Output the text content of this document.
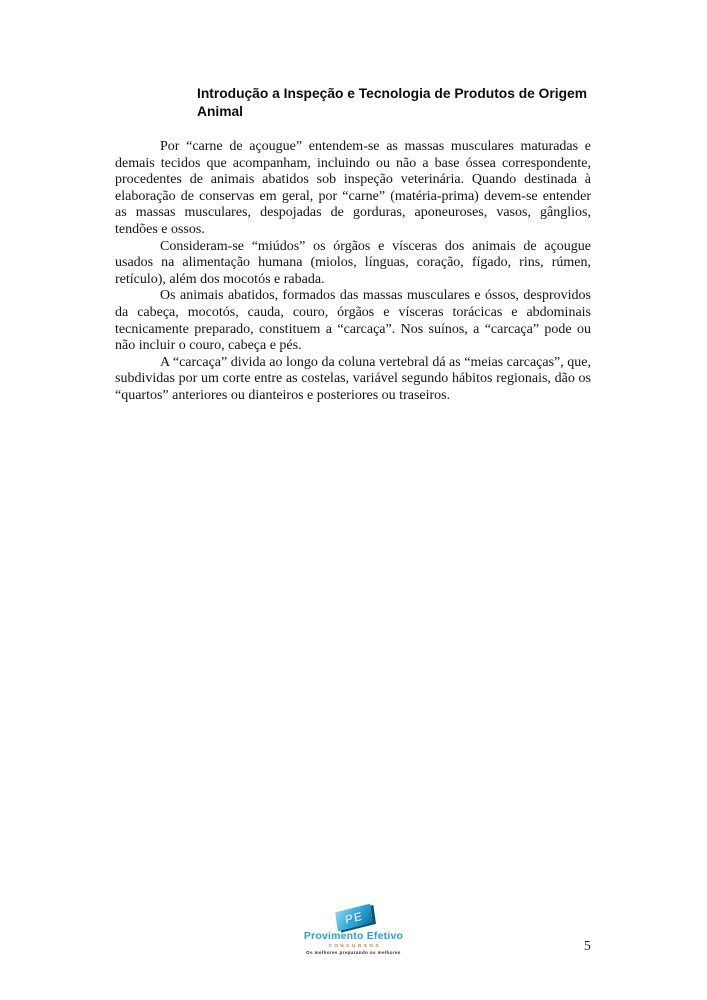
Introdução a Inspeção e Tecnologia de Produtos de Origem Animal

Por “carne de açougue” entendem-se as massas musculares maturadas e demais tecidos que acompanham, incluindo ou não a base óssea correspondente, procedentes de animais abatidos sob inspeção veterinária. Quando destinada à elaboração de conservas em geral, por “carne” (matéria-prima) devem-se entender as massas musculares, despojadas de gorduras, aponeuroses, vasos, gânglios, tendões e ossos.

Consideram-se “miúdos” os órgãos e vísceras dos animais de açougue usados na alimentação humana (miolos, línguas, coração, fígado, rins, rúmen, retículo), além dos mocotós e rabada.

Os animais abatidos, formados das massas musculares e óssos, desprovidos da cabeça, mocotós, cauda, couro, órgãos e vísceras torácicas e abdominais tecnicamente preparado, constituem a “carcaça”. Nos suínos, a “carcaça” pode ou não incluir o couro, cabeça e pés.

A “carcaça” divida ao longo da coluna vertebral dá as “meias carcaças”, que, subdividas por um corte entre as costelas, variável segundo hábitos regionais, dão os “quartos” anteriores ou dianteiros e posteriores ou traseiros.

PE
Provimento Efetivo
CONCURSOS
Os melhores preparando os melhores	5
